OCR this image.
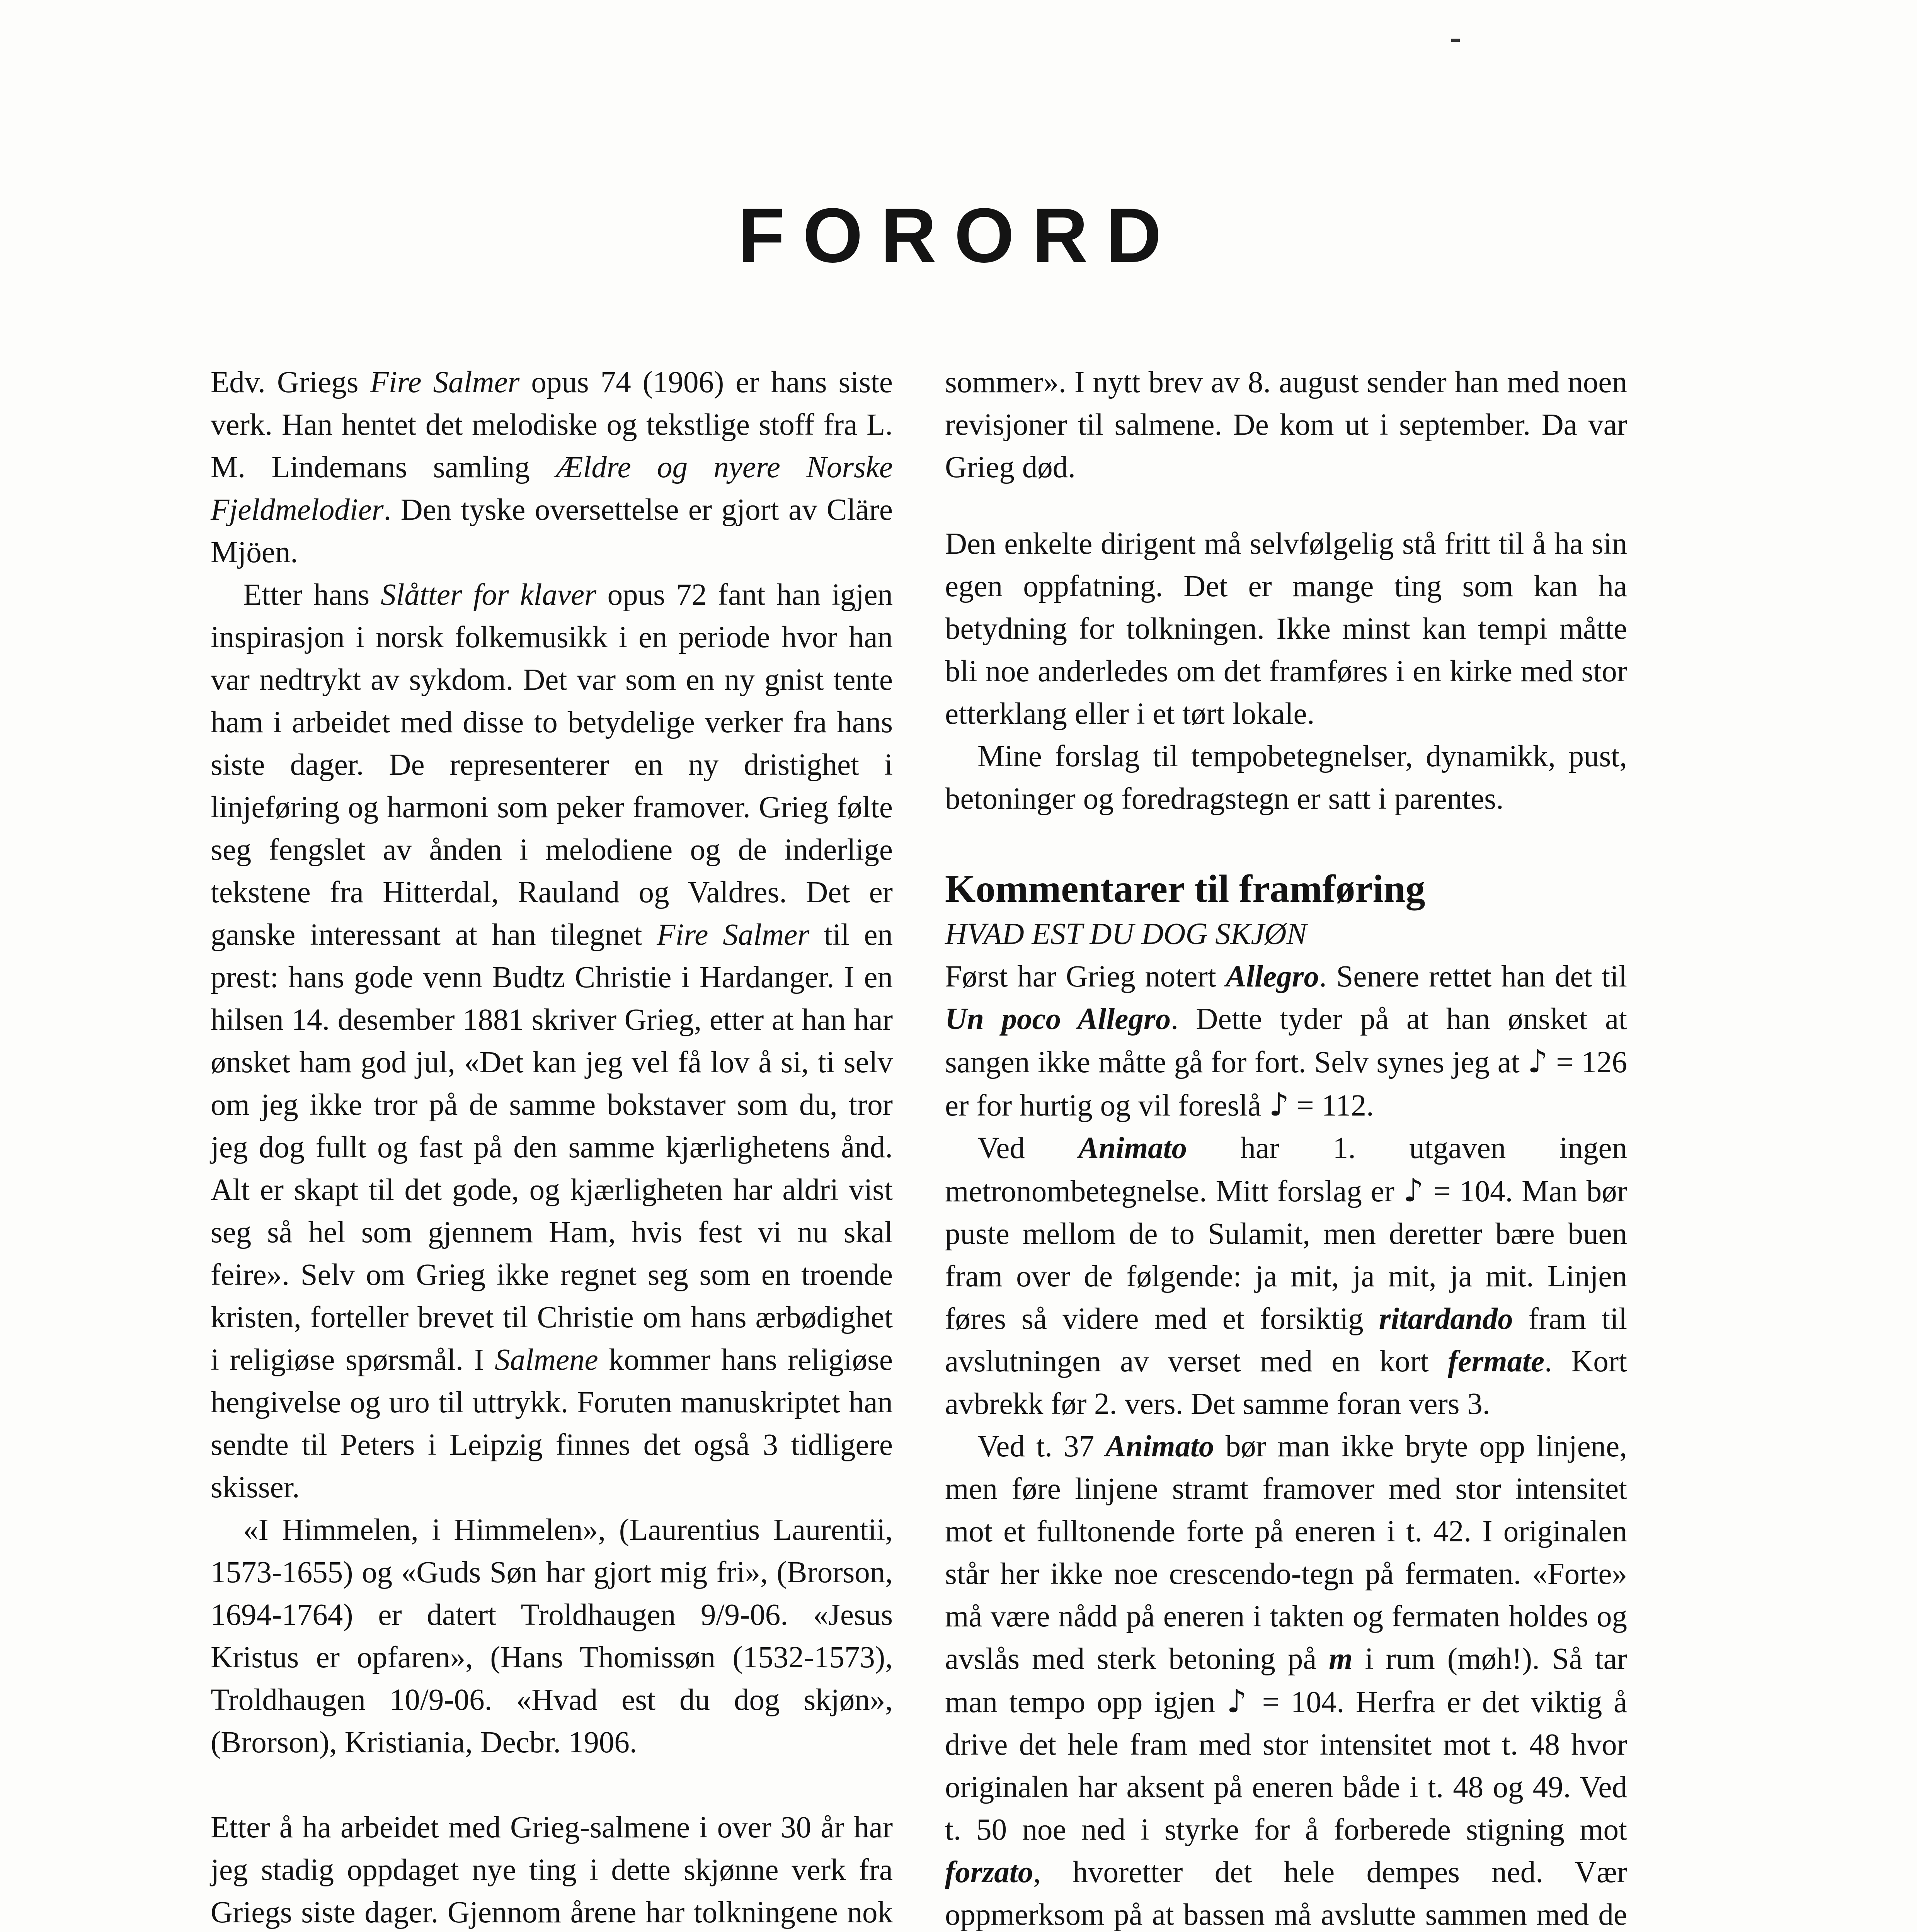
FORORD

Edv. Griegs Fire Salmer opus 74 (1906) er hans siste verk. Han hentet det melodiske og tekstlige stoff fra L. M. Lindemans samling Ældre og nyere Norske Fjeldmelodier. Den tyske oversettelse er gjort av Cläre Mjöen.

Etter hans Slåtter for klaver opus 72 fant han igjen inspirasjon i norsk folkemusikk i en periode hvor han var nedtrykt av sykdom. Det var som en ny gnist tente ham i arbeidet med disse to betydelige verker fra hans siste dager. De representerer en ny dristighet i linjeføring og harmoni som peker framover. Grieg følte seg fengslet av ånden i melodiene og de inderlige tekstene fra Hitterdal, Rauland og Valdres. Det er ganske interessant at han tilegnet Fire Salmer til en prest: hans gode venn Budtz Christie i Hardanger. I en hilsen 14. desember 1881 skriver Grieg, etter at han har ønsket ham god jul, «Det kan jeg vel få lov å si, ti selv om jeg ikke tror på de samme bokstaver som du, tror jeg dog fullt og fast på den samme kjærlighetens ånd. Alt er skapt til det gode, og kjærligheten har aldri vist seg så hel som gjennem Ham, hvis fest vi nu skal feire». Selv om Grieg ikke regnet seg som en troende kristen, forteller brevet til Christie om hans ærbødighet i religiøse spørsmål. I Salmene kommer hans religiøse hengivelse og uro til uttrykk. Foruten manuskriptet han sendte til Peters i Leipzig finnes det også 3 tidligere skisser.

«I Himmelen, i Himmelen», (Laurentius Laurentii, 1573-1655) og «Guds Søn har gjort mig fri», (Brorson, 1694-1764) er datert Troldhaugen 9/9-06. «Jesus Kristus er opfaren», (Hans Thomissøn (1532-1573), Troldhaugen 10/9-06. «Hvad est du dog skjøn», (Brorson), Kristiania, Decbr. 1906.

Etter å ha arbeidet med Grieg-salmene i over 30 år har jeg stadig oppdaget nye ting i dette skjønne verk fra Griegs siste dager. Gjennom årene har tolkningene nok

sommer». I nytt brev av 8. august sender han med noen revisjoner til salmene. De kom ut i september. Da var Grieg død.

Den enkelte dirigent må selvfølgelig stå fritt til å ha sin egen oppfatning. Det er mange ting som kan ha betydning for tolkningen. Ikke minst kan tempi måtte bli noe anderledes om det framføres i en kirke med stor etterklang eller i et tørt lokale.

Mine forslag til tempobetegnelser, dynamikk, pust, betoninger og foredragstegn er satt i parentes.

Kommentarer til framføring
HVAD EST DU DOG SKJØN

Først har Grieg notert Allegro. Senere rettet han det til Un poco Allegro. Dette tyder på at han ønsket at sangen ikke måtte gå for fort. Selv synes jeg at ♪ = 126 er for hurtig og vil foreslå ♪ = 112.

Ved Animato har 1. utgaven ingen metronombetegnelse. Mitt forslag er ♪ = 104. Man bør puste mellom de to Sulamit, men deretter bære buen fram over de følgende: ja mit, ja mit, ja mit. Linjen føres så videre med et forsiktig ritardando fram til avslutningen av verset med en kort fermate. Kort avbrekk før 2. vers. Det samme foran vers 3.

Ved t. 37 Animato bør man ikke bryte opp linjene, men føre linjene stramt framover med stor intensitet mot et fulltonende forte på eneren i t. 42. I originalen står her ikke noe crescendo-tegn på fermaten. «Forte» må være nådd på eneren i takten og fermaten holdes og avslås med sterk betoning på m i rum (møh!). Så tar man tempo opp igjen ♪ = 104. Herfra er det viktig å drive det hele fram med stor intensitet mot t. 48 hvor originalen har aksent på eneren både i t. 48 og 49. Ved t. 50 noe ned i styrke for å forberede stigning mot forzato, hvoretter det hele dempes ned. Vær oppmerksom på at bassen må avslutte sammen med de
